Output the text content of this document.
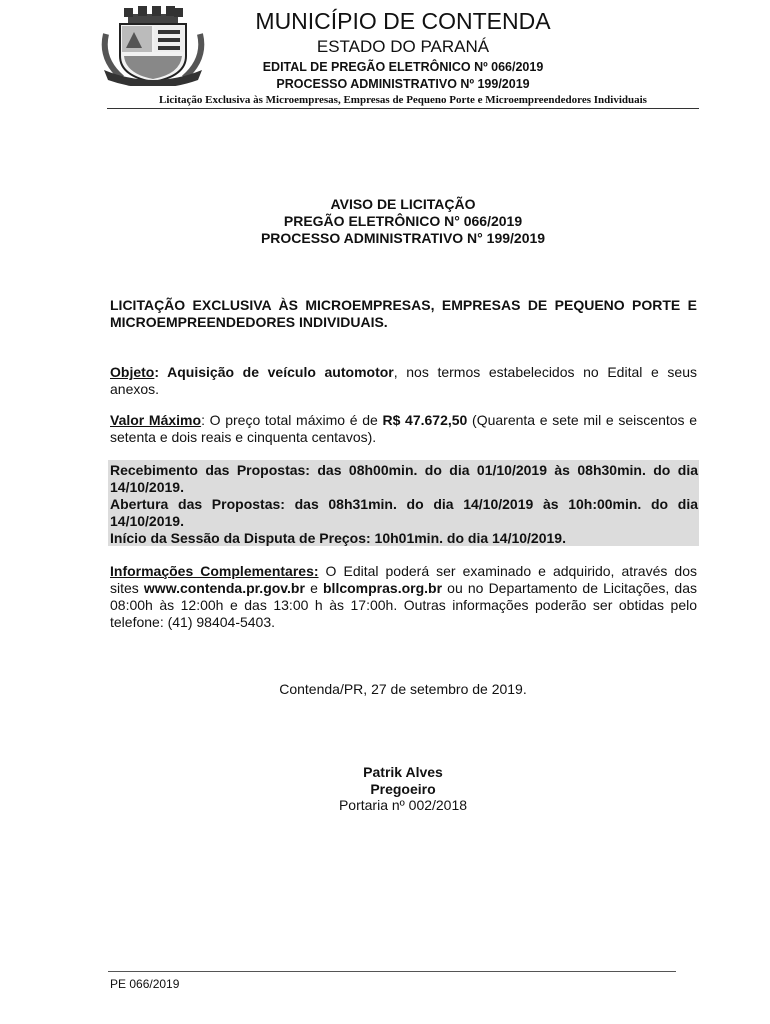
MUNICÍPIO DE CONTENDA
ESTADO DO PARANÁ
EDITAL DE PREGÃO ELETRÔNICO Nº 066/2019
PROCESSO ADMINISTRATIVO Nº 199/2019
Licitação Exclusiva às Microempresas, Empresas de Pequeno Porte e Microempreendedores Individuais
AVISO DE LICITAÇÃO
PREGÃO ELETRÔNICO N° 066/2019
PROCESSO ADMINISTRATIVO N° 199/2019
LICITAÇÃO EXCLUSIVA ÀS MICROEMPRESAS, EMPRESAS DE PEQUENO PORTE E MICROEMPREENDEDORES INDIVIDUAIS.
Objeto: Aquisição de veículo automotor, nos termos estabelecidos no Edital e seus anexos.
Valor Máximo: O preço total máximo é de R$ 47.672,50 (Quarenta e sete mil e seiscentos e setenta e dois reais e cinquenta centavos).
Recebimento das Propostas: das 08h00min. do dia 01/10/2019 às 08h30min. do dia 14/10/2019.
Abertura das Propostas: das 08h31min. do dia 14/10/2019 às 10h:00min. do dia 14/10/2019.
Início da Sessão da Disputa de Preços: 10h01min. do dia 14/10/2019.
Informações Complementares: O Edital poderá ser examinado e adquirido, através dos sites www.contenda.pr.gov.br e bllcompras.org.br ou no Departamento de Licitações, das 08:00h às 12:00h e das 13:00 h às 17:00h. Outras informações poderão ser obtidas pelo telefone: (41) 98404-5403.
Contenda/PR, 27 de setembro de 2019.
Patrik Alves
Pregoeiro
Portaria nº 002/2018
PE 066/2019
